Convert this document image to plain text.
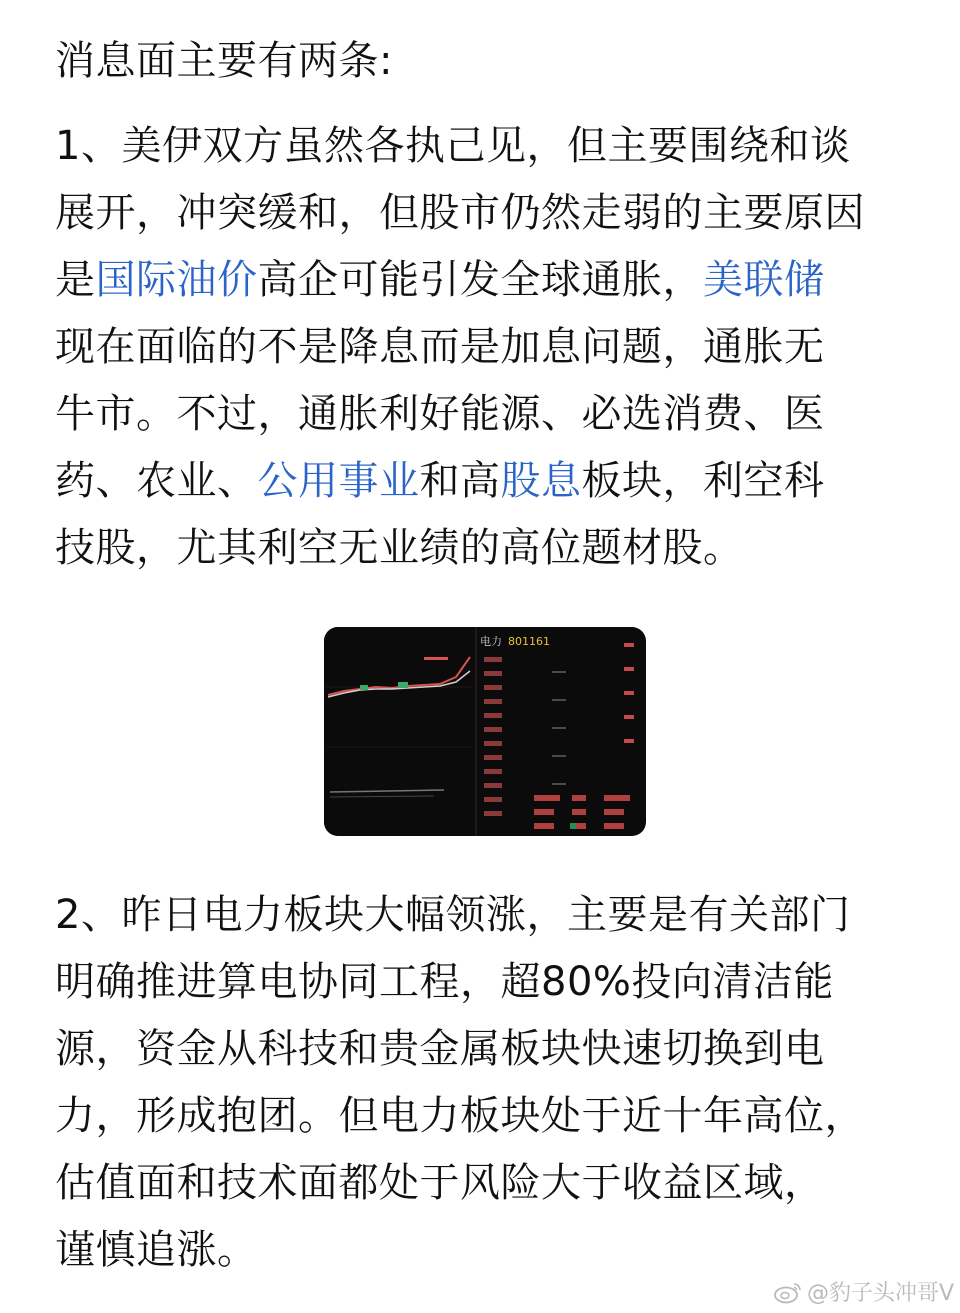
消息面主要有两条:

1、美伊双方虽然各执己见，但主要围绕和谈
展开，冲突缓和，但股市仍然走弱的主要原因
是国际油价高企可能引发全球通胀，美联储
现在面临的不是降息而是加息问题，通胀无
牛市。不过，通胀利好能源、必选消费、医
药、农业、公用事业和高股息板块，利空科
技股，尤其利空无业绩的高位题材股。

电力 801161

2、昨日电力板块大幅领涨，主要是有关部门
明确推进算电协同工程，超80%投向清洁能
源，资金从科技和贵金属板块快速切换到电
力，形成抱团。但电力板块处于近十年高位，
估值面和技术面都处于风险大于收益区域，
谨慎追涨。

@豹子头冲哥V
